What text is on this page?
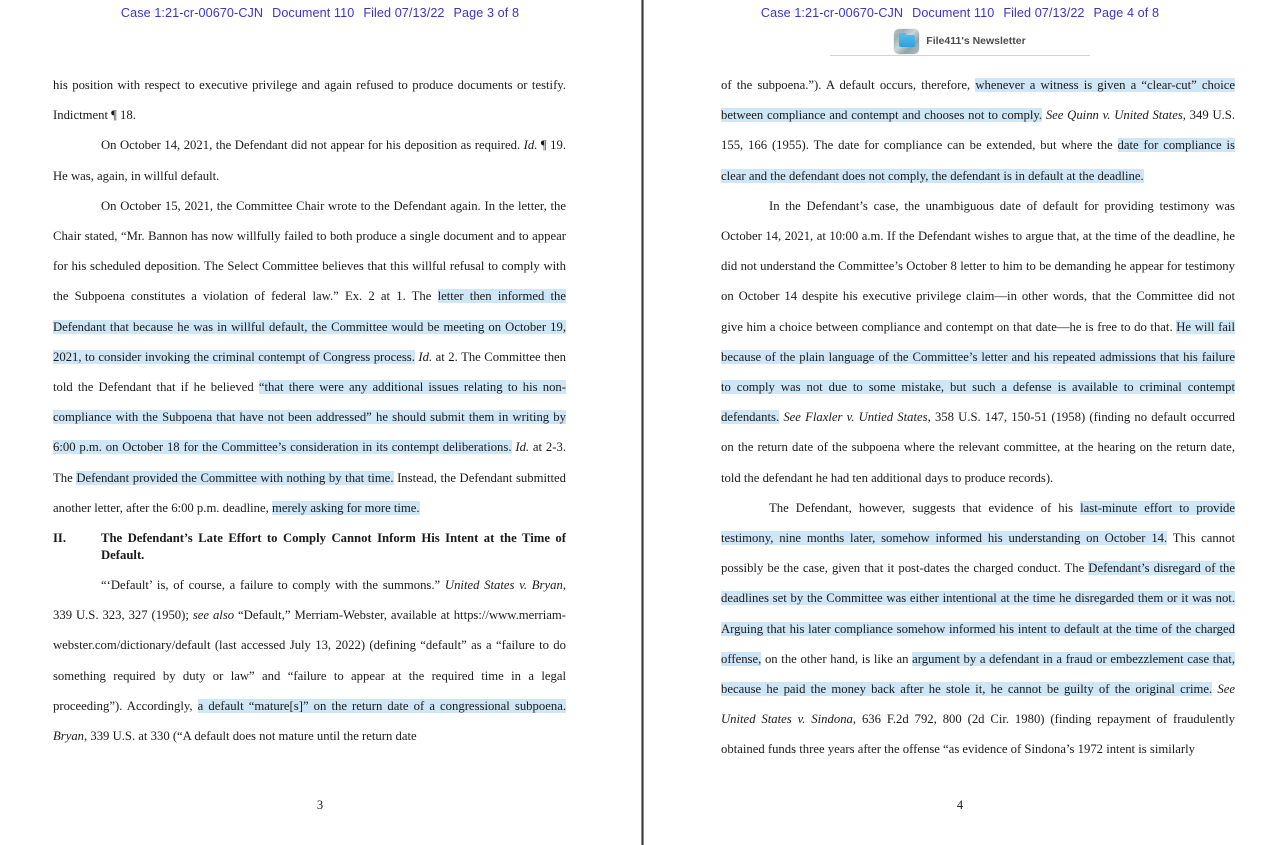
Case 1:21-cr-00670-CJN Document 110 Filed 07/13/22 Page 3 of 8

his position with respect to executive privilege and again refused to produce documents or testify. Indictment ¶ 18.

On October 14, 2021, the Defendant did not appear for his deposition as required. Id. ¶ 19. He was, again, in willful default.

On October 15, 2021, the Committee Chair wrote to the Defendant again. In the letter, the Chair stated, “Mr. Bannon has now willfully failed to both produce a single document and to appear for his scheduled deposition. The Select Committee believes that this willful refusal to comply with the Subpoena constitutes a violation of federal law.” Ex. 2 at 1. The letter then informed the Defendant that because he was in willful default, the Committee would be meeting on October 19, 2021, to consider invoking the criminal contempt of Congress process. Id. at 2. The Committee then told the Defendant that if he believed “that there were any additional issues relating to his non-compliance with the Subpoena that have not been addressed” he should submit them in writing by 6:00 p.m. on October 18 for the Committee’s consideration in its contempt deliberations. Id. at 2-3. The Defendant provided the Committee with nothing by that time. Instead, the Defendant submitted another letter, after the 6:00 p.m. deadline, merely asking for more time.

II.	The Defendant’s Late Effort to Comply Cannot Inform His Intent at the Time of Default.

“‘Default’ is, of course, a failure to comply with the summons.” United States v. Bryan, 339 U.S. 323, 327 (1950); see also “Default,” Merriam-Webster, available at https://www.merriam-webster.com/dictionary/default (last accessed July 13, 2022) (defining “default” as a “failure to do something required by duty or law” and “failure to appear at the required time in a legal proceeding”). Accordingly, a default “mature[s]” on the return date of a congressional subpoena. Bryan, 339 U.S. at 330 (“A default does not mature until the return date

3
Case 1:21-cr-00670-CJN Document 110 Filed 07/13/22 Page 4 of 8
File411's Newsletter

of the subpoena.”). A default occurs, therefore, whenever a witness is given a “clear-cut” choice between compliance and contempt and chooses not to comply. See Quinn v. United States, 349 U.S. 155, 166 (1955). The date for compliance can be extended, but where the date for compliance is clear and the defendant does not comply, the defendant is in default at the deadline.

In the Defendant’s case, the unambiguous date of default for providing testimony was October 14, 2021, at 10:00 a.m. If the Defendant wishes to argue that, at the time of the deadline, he did not understand the Committee’s October 8 letter to him to be demanding he appear for testimony on October 14 despite his executive privilege claim—in other words, that the Committee did not give him a choice between compliance and contempt on that date—he is free to do that. He will fail because of the plain language of the Committee’s letter and his repeated admissions that his failure to comply was not due to some mistake, but such a defense is available to criminal contempt defendants. See Flaxler v. Untied States, 358 U.S. 147, 150-51 (1958) (finding no default occurred on the return date of the subpoena where the relevant committee, at the hearing on the return date, told the defendant he had ten additional days to produce records).

The Defendant, however, suggests that evidence of his last-minute effort to provide testimony, nine months later, somehow informed his understanding on October 14. This cannot possibly be the case, given that it post-dates the charged conduct. The Defendant’s disregard of the deadlines set by the Committee was either intentional at the time he disregarded them or it was not. Arguing that his later compliance somehow informed his intent to default at the time of the charged offense, on the other hand, is like an argument by a defendant in a fraud or embezzlement case that, because he paid the money back after he stole it, he cannot be guilty of the original crime. See United States v. Sindona, 636 F.2d 792, 800 (2d Cir. 1980) (finding repayment of fraudulently obtained funds three years after the offense “as evidence of Sindona’s 1972 intent is similarly

4
